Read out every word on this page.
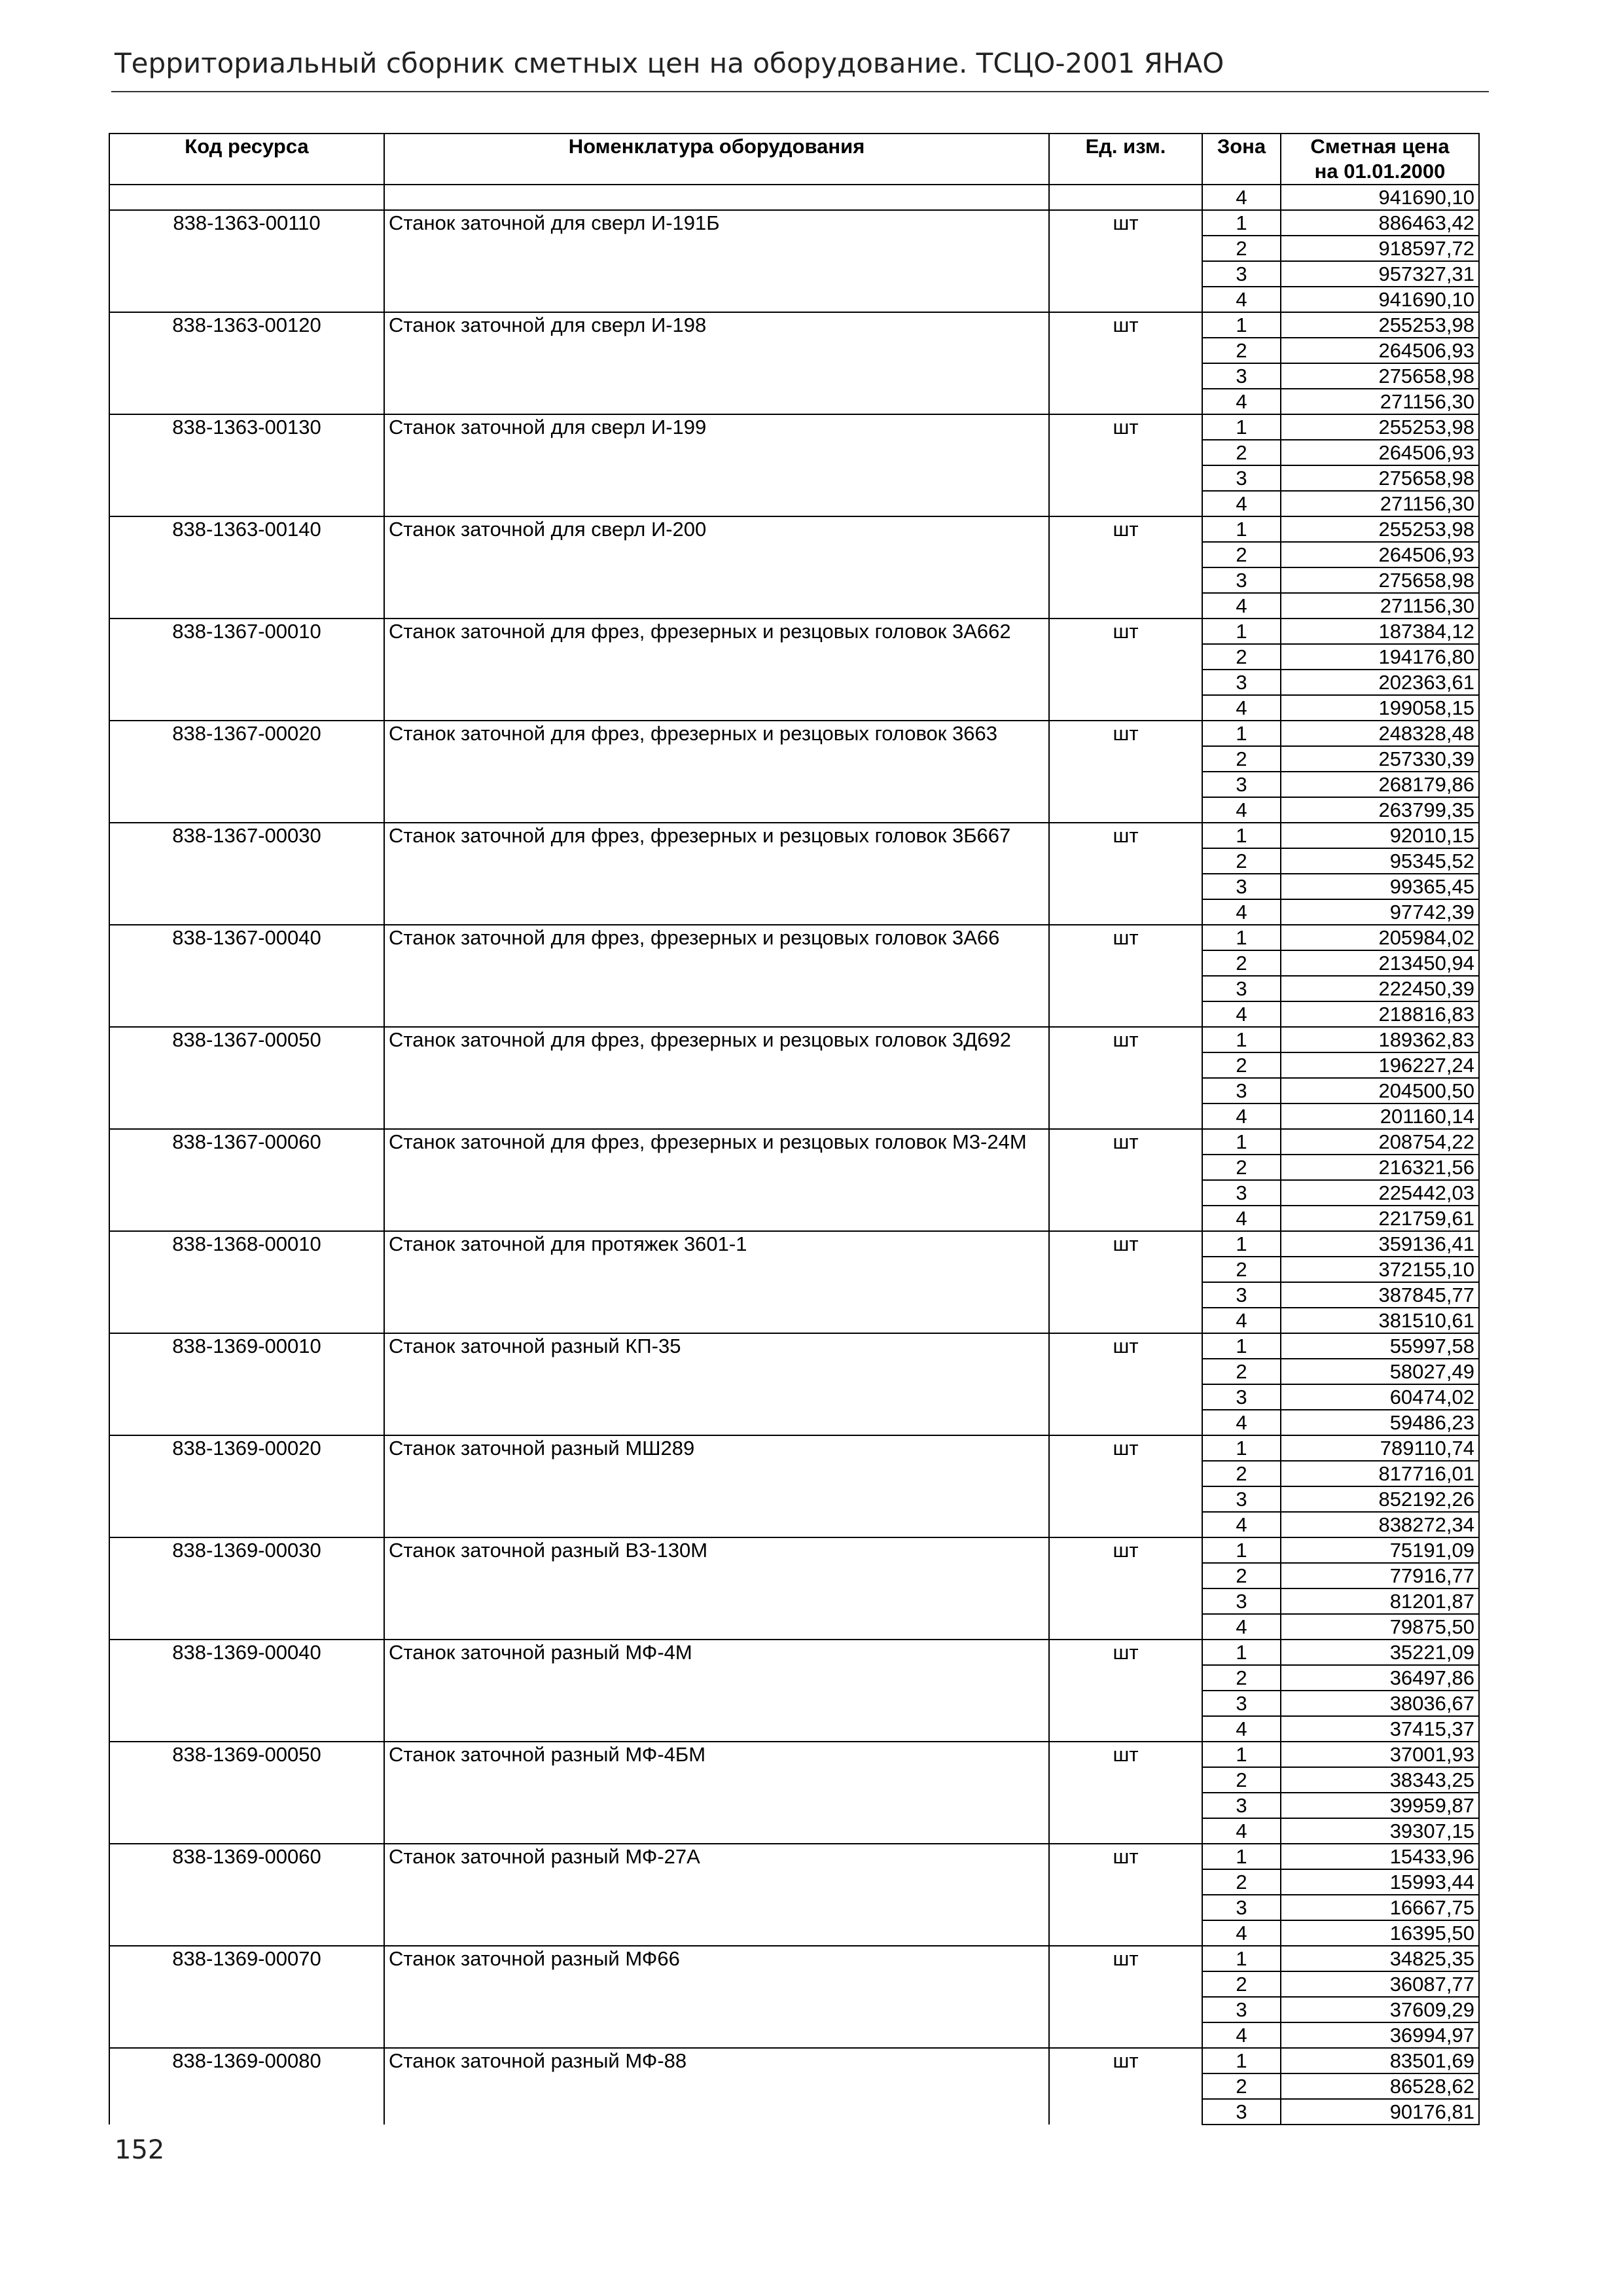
Территориальный сборник сметных цен на оборудование. ТСЦО-2001 ЯНАО
Код ресурса	Номенклатура оборудования	Ед. изм.	Зона	Сметная цена
на 01.01.2000

			4	941690,10
838-1363-00110	Станок заточной для сверл И-191Б	шт	1	886463,42
			2	918597,72
			3	957327,31
			4	941690,10
838-1363-00120	Станок заточной для сверл И-198	шт	1	255253,98
			2	264506,93
			3	275658,98
			4	271156,30
838-1363-00130	Станок заточной для сверл И-199	шт	1	255253,98
			2	264506,93
			3	275658,98
			4	271156,30
838-1363-00140	Станок заточной для сверл И-200	шт	1	255253,98
			2	264506,93
			3	275658,98
			4	271156,30
838-1367-00010	Станок заточной для фрез, фрезерных и резцовых головок 3А662	шт	1	187384,12
			2	194176,80
			3	202363,61
			4	199058,15
838-1367-00020	Станок заточной для фрез, фрезерных и резцовых головок 3663	шт	1	248328,48
			2	257330,39
			3	268179,86
			4	263799,35
838-1367-00030	Станок заточной для фрез, фрезерных и резцовых головок 3Б667	шт	1	92010,15
			2	95345,52
			3	99365,45
			4	97742,39
838-1367-00040	Станок заточной для фрез, фрезерных и резцовых головок 3А66	шт	1	205984,02
			2	213450,94
			3	222450,39
			4	218816,83
838-1367-00050	Станок заточной для фрез, фрезерных и резцовых головок 3Д692	шт	1	189362,83
			2	196227,24
			3	204500,50
			4	201160,14
838-1367-00060	Станок заточной для фрез, фрезерных и резцовых головок М3-24М	шт	1	208754,22
			2	216321,56
			3	225442,03
			4	221759,61
838-1368-00010	Станок заточной для протяжек 3601-1	шт	1	359136,41
			2	372155,10
			3	387845,77
			4	381510,61
838-1369-00010	Станок заточной разный КП-35	шт	1	55997,58
			2	58027,49
			3	60474,02
			4	59486,23
838-1369-00020	Станок заточной разный МШ289	шт	1	789110,74
			2	817716,01
			3	852192,26
			4	838272,34
838-1369-00030	Станок заточной разный В3-130М	шт	1	75191,09
			2	77916,77
			3	81201,87
			4	79875,50
838-1369-00040	Станок заточной разный МФ-4М	шт	1	35221,09
			2	36497,86
			3	38036,67
			4	37415,37
838-1369-00050	Станок заточной разный МФ-4БМ	шт	1	37001,93
			2	38343,25
			3	39959,87
			4	39307,15
838-1369-00060	Станок заточной разный МФ-27А	шт	1	15433,96
			2	15993,44
			3	16667,75
			4	16395,50
838-1369-00070	Станок заточной разный МФ66	шт	1	34825,35
			2	36087,77
			3	37609,29
			4	36994,97
838-1369-00080	Станок заточной разный МФ-88	шт	1	83501,69
			2	86528,62
			3	90176,81
152
